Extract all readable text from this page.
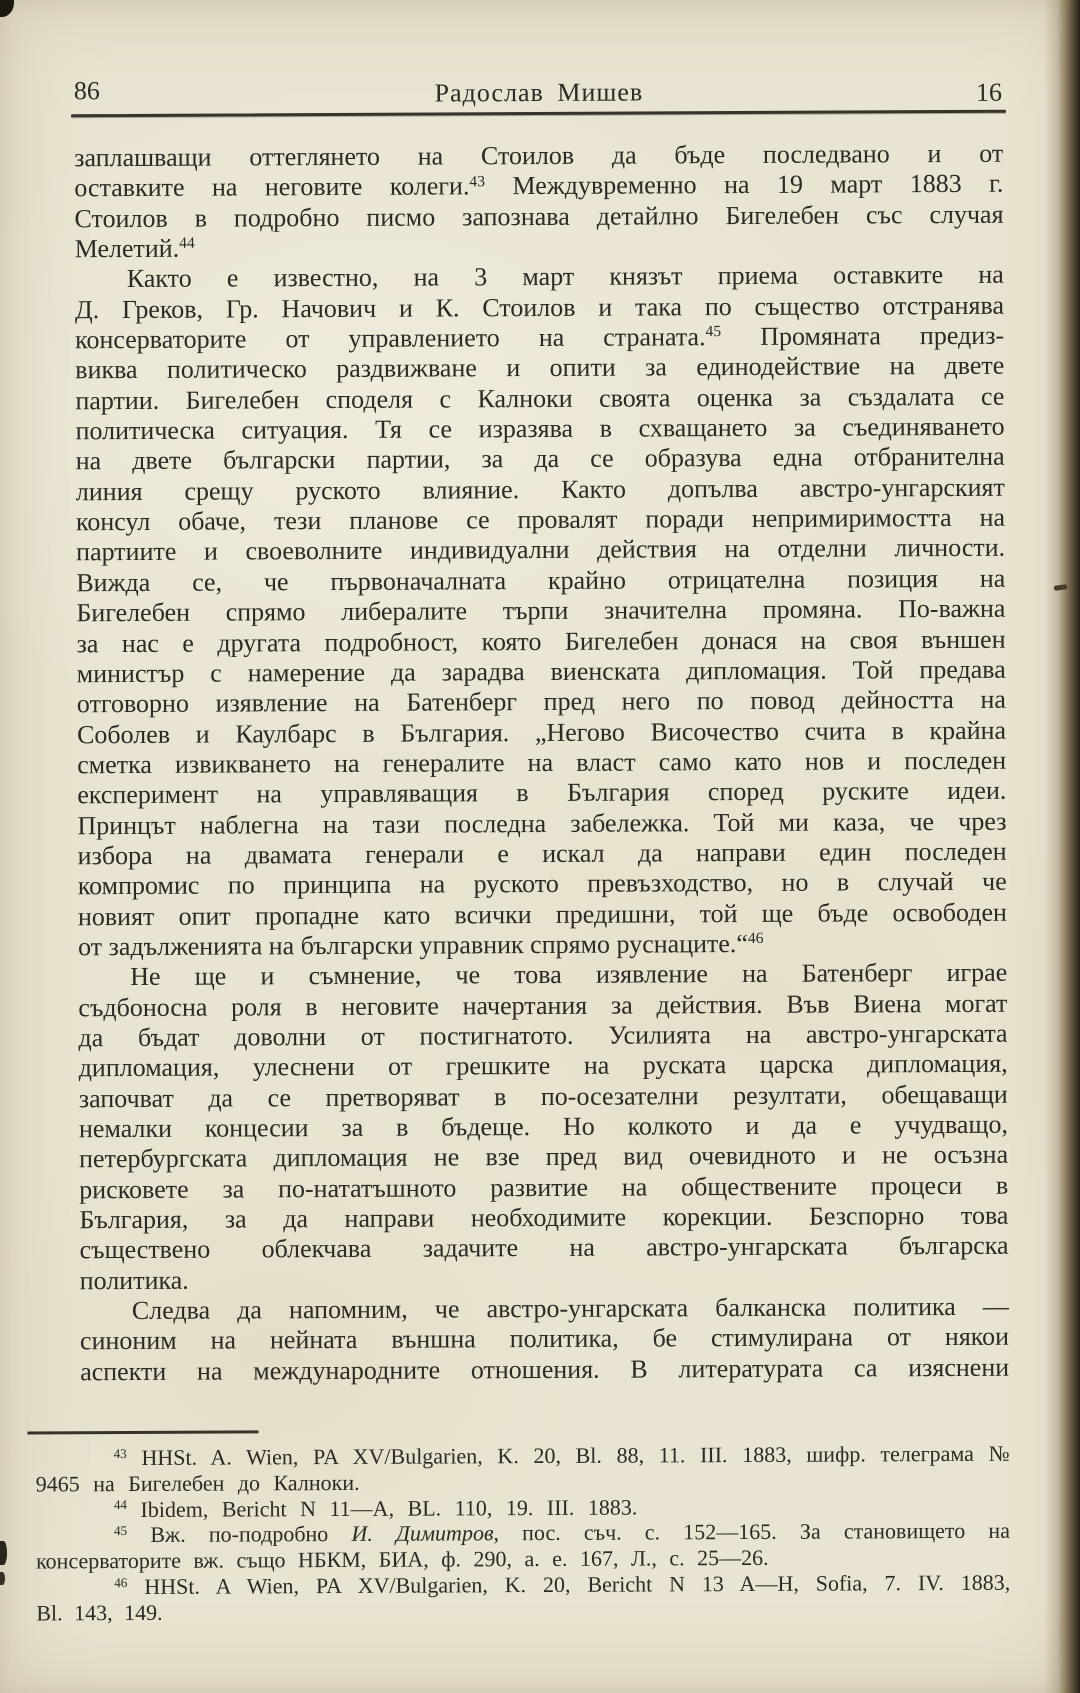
86	Радослав Мишев	16
заплашващи оттеглянето на Стоилов да бъде последвано и от
оставките на неговите колеги.$^{43}$ Междувременно на 19 март 1883 г.
Стоилов в подробно писмо запознава детайлно Бигелебен със случая
Мелетий.$^{44}$
Както е известно, на 3 март князът приема оставките на
Д. Греков, Гр. Начович и К. Стоилов и така по същество отстранява
консерваторите от управлението на страната.$^{45}$ Промяната предиз-
виква политическо раздвижване и опити за единодействие на двете
партии. Бигелебен споделя с Калноки своята оценка за създалата се
политическа ситуация. Тя се изразява в схващането за съединяването
на двете български партии, за да се образува една отбранителна
линия срещу руското влияние. Както допълва австро-унгарският
консул обаче, тези планове се провалят поради непримиримостта на
партиите и своеволните индивидуални действия на отделни личности.
Вижда се, че първоначалната крайно отрицателна позиция на
Бигелебен спрямо либералите търпи значителна промяна. По-важна
за нас е другата подробност, която Бигелебен донася на своя външен
министър с намерение да зарадва виенската дипломация. Той предава
отговорно изявление на Батенберг пред него по повод дейността на
Соболев и Каулбарс в България. „Негово Височество счита в крайна
сметка извикването на генералите на власт само като нов и последен
експеримент на управляващия в България според руските идеи.
Принцът наблегна на тази последна забележка. Той ми каза, че чрез
избора на двамата генерали е искал да направи един последен
компромис по принципа на руското превъзходство, но в случай че
новият опит пропадне като всички предишни, той ще бъде освободен
от задълженията на български управник спрямо руснаците.“$^{46}$
Не ще и съмнение, че това изявление на Батенберг играе
съдбоносна роля в неговите начертания за действия. Във Виена могат
да бъдат доволни от постигнатото. Усилията на австро-унгарската
дипломация, улеснени от грешките на руската царска дипломация,
започват да се претворяват в по-осезателни резултати, обещаващи
немалки концесии за в бъдеще. Но колкото и да е учудващо,
петербургската дипломация не взе пред вид очевидното и не осъзна
рисковете за по-нататъшното развитие на обществените процеси в
България, за да направи необходимите корекции. Безспорно това
съществено облекчава задачите на австро-унгарската българска
политика.
Следва да напомним, че австро-унгарската балканска политика —
синоним на нейната външна политика, бе стимулирана от някои
аспекти на международните отношения. В литературата са изяснени
$^{43}$ HHSt. A. Wien, PA XV/Bulgarien, K. 20, Bl. 88, 11. III. 1883, шифр. телеграма №
9465 на Бигелебен до Калноки.
$^{44}$ Ibidem, Bericht N 11—A, BL. 110, 19. III. 1883.
$^{45}$ Вж. по-подробно И. Димитров, пос. съч. с. 152—165. За становището на
консерваторите вж. също НБКМ, БИА, ф. 290, а. е. 167, Л., с. 25—26.
$^{46}$ HHSt. A Wien, PA XV/Bulgarien, K. 20, Bericht N 13 A—H, Sofia, 7. IV. 1883,
Bl. 143, 149.
